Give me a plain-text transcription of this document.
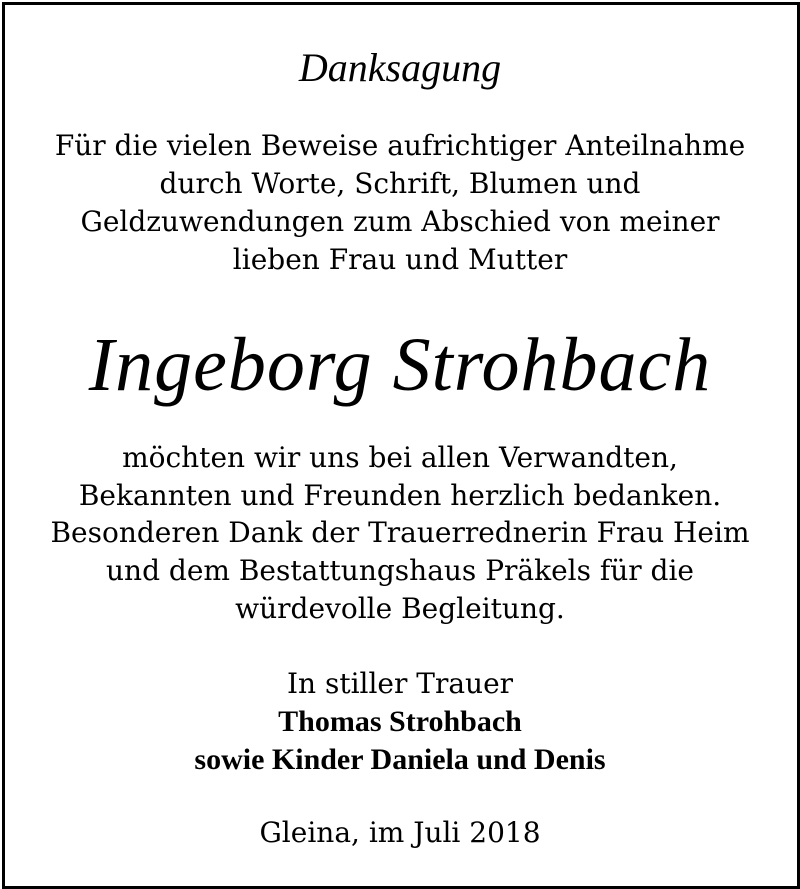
Danksagung
Für die vielen Beweise aufrichtiger Anteilnahme
durch Worte, Schrift, Blumen und
Geldzuwendungen zum Abschied von meiner
lieben Frau und Mutter
Ingeborg Strohbach
möchten wir uns bei allen Verwandten,
Bekannten und Freunden herzlich bedanken.
Besonderen Dank der Trauerrednerin Frau Heim
und dem Bestattungshaus Präkels für die
würdevolle Begleitung.
In stiller Trauer
Thomas Strohbach
sowie Kinder Daniela und Denis
Gleina, im Juli 2018
